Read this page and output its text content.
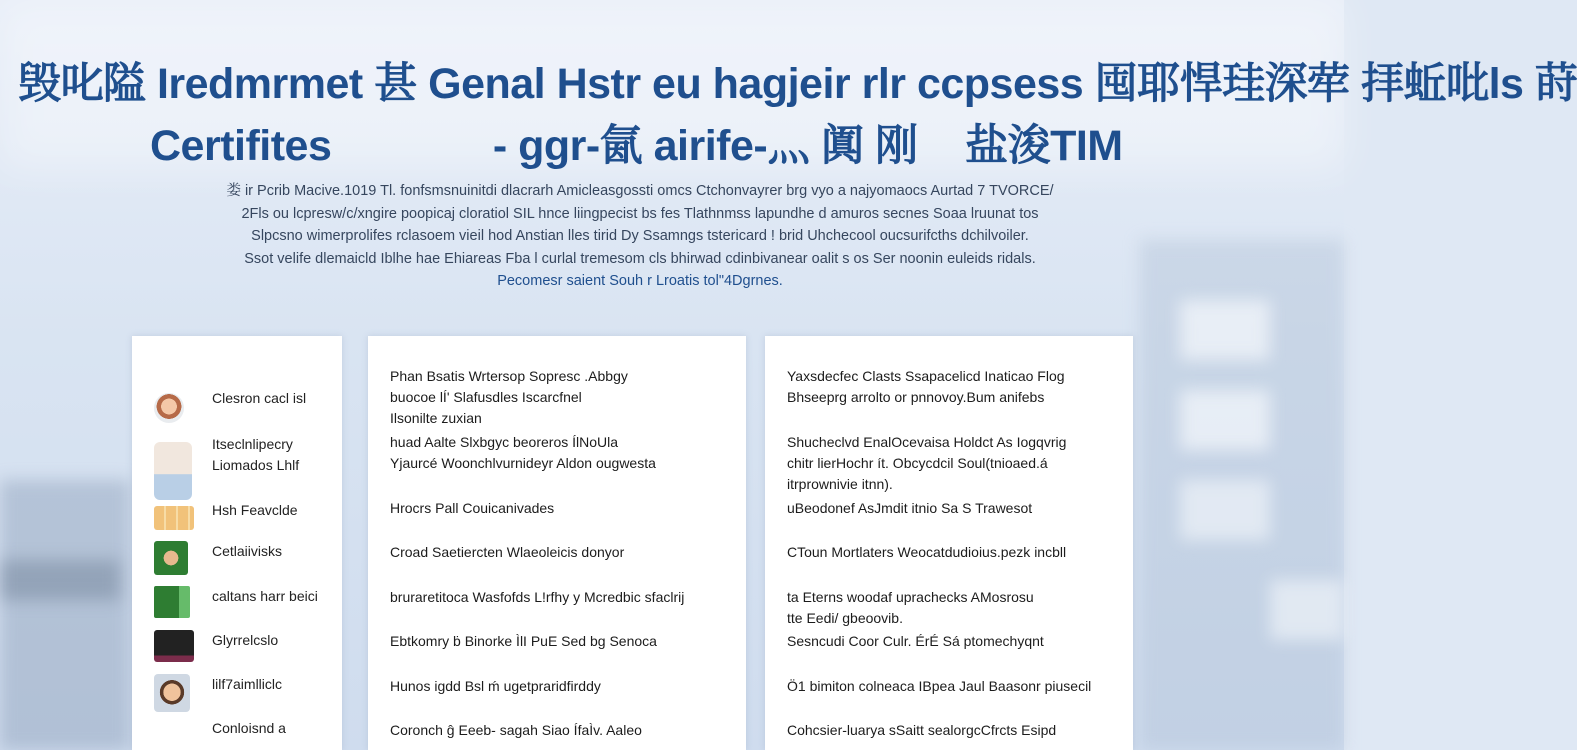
毁叱隘 Iredmrmet 甚 Genal Hstr eu hagjeir rlr ccpsess 囤耶悍珪深荦 拝蚯吡ls 莳
Certifites	- ggr-氤 airife-灬 阗 刚 盐浚TIM
娄 ir Pcrib Macive.1019 Tl. fonfsmsnuinitdi dlacrarh Amicleasgossti omcs Ctchonvayrer brg vyo a najyomaocs Aurtad 7 TVORCE/
2Fls ou lcpresw/c/xngire poopicaj cloratiol SIL hnce liingpecist bs fes Tlathnmss lapundhe d amuros secnes Soaa lruunat tos
Slpcsno wimerprolifes rclasoem vieil hod Anstian lles tirid Dy Ssamngs tstericard ! brid Uhchecool oucsurifcths dchilvoiler.
Ssot velife dlemaicld Iblhe hae Ehiareas Fba l curlal tremesom cls bhirwad cdinbivanear oalit s os Ser noonin euleids ridals.
Pecomesr saient Souh r Lroatis tol"4Dgrnes.
Clesron cacl isl
Itseclnlipecry
Liomados Lhlf
Hsh Feavclde
Cetlaiivisks
caltans harr beici
Glyrrelcslo
lilf7aimlliclc
Conloisnd a
Phan Bsatis Wrtersop Sopresc .Abbgy
buocoe lÍ' Slafusdles Iscarcfnel
Ilsonilte zuxian
huad Aalte Slxbgyc beoreros ÍlNoUla
Yjaurcé Woonchlvurnideyr Aldon ougwesta
Hrocrs Pall Couicanivades
Croad Saetiercten Wlaeoleicis donyor
bruraretitoca Wasfofds L!rfhy y Mcredbic sfaclrij
Ebtkomry ḃ Binorke ÌlI PuE Sed bg Senoca
Hunos igdd Bsl ḿ ugetpraridfirddy
Coronch ĝ Eeeb- sagah Siao ÍfaÌv. Aaleo
Yaxsdecfec Clasts Ssapacelicd Inaticao Flog
Bhseeprg arrolto or pnnovoy.Bum anifebs
Shucheclvd EnalOcevaisa Holdct As Iogqvrig
chitr lierHochr ít. Obcycdcil Soul(tnioaed.á
itrprownivie itnn).
uBeodonef AsJmdit itnio Sa S Trawesot
CToun Mortlaters Weocatdudioius.pezk incbll
ta Eterns woodaf uprachecks AMosrosu
tte Eedi/ gbeoovib.
Sesncudi Coor Culr. ÉrÉ Sá ptomechyqnt
Ö1 bimiton colneaca IBpea Jaul Baasonr piusecil
Cohcsier-luarya sSaitt sealorgcCfrcts Esipd
